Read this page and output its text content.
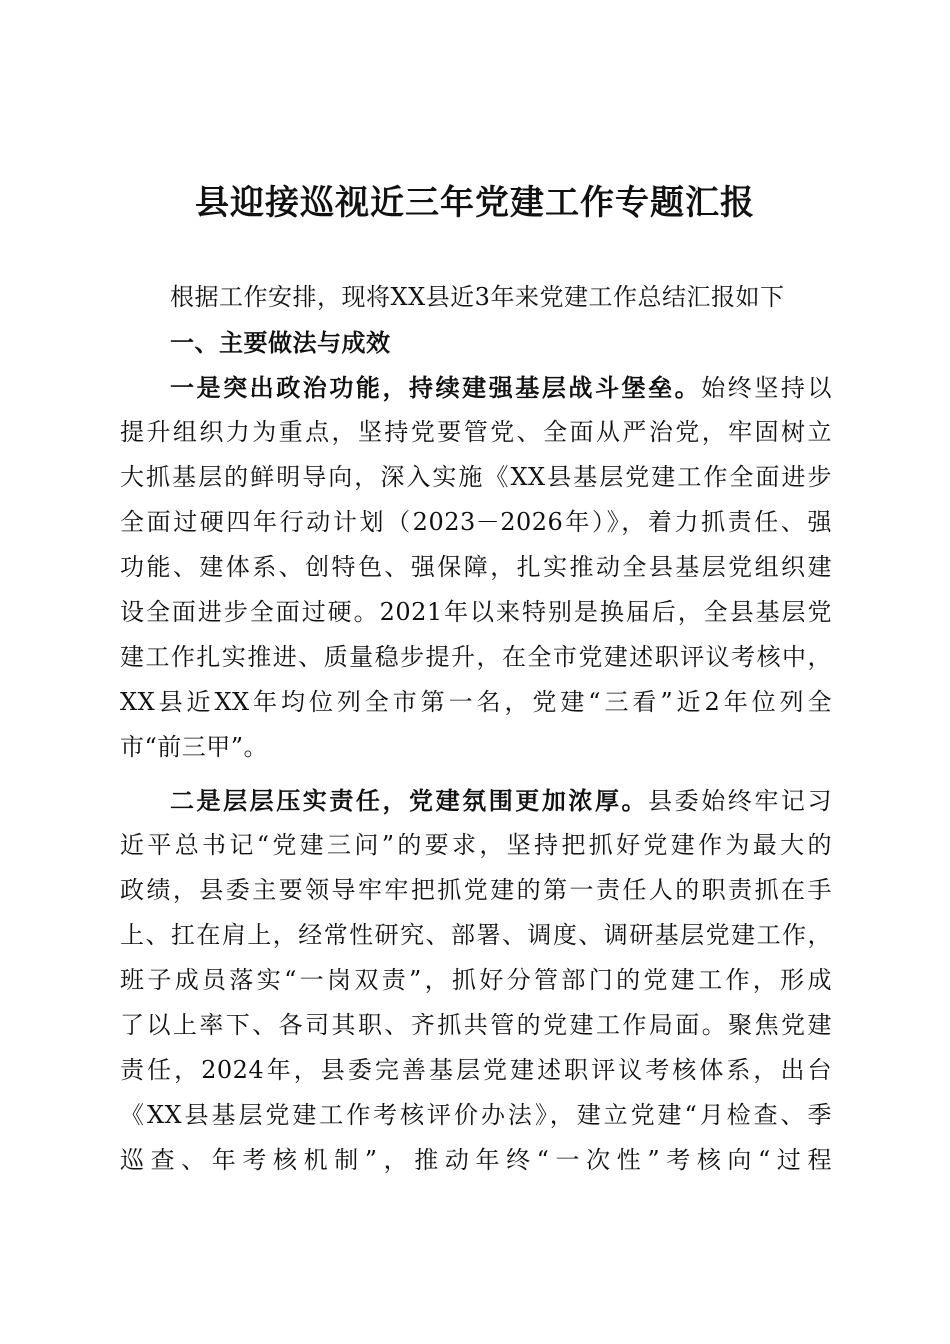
县迎接巡视近三年党建工作专题汇报
根据工作安排，现将XX县近3年来党建工作总结汇报如下
一、主要做法与成效
一是突出政治功能，持续建强基层战斗堡垒。始终坚持以
提升组织力为重点，坚持党要管党、全面从严治党，牢固树立
大抓基层的鲜明导向，深入实施《XX县基层党建工作全面进步
全面过硬四年行动计划（2023－2026年）》，着力抓责任、强
功能、建体系、创特色、强保障，扎实推动全县基层党组织建
设全面进步全面过硬。2021年以来特别是换届后，全县基层党
建工作扎实推进、质量稳步提升，在全市党建述职评议考核中，
XX县近XX年均位列全市第一名，党建“三看”近2年位列全
市“前三甲”。
二是层层压实责任，党建氛围更加浓厚。县委始终牢记习
近平总书记“党建三问”的要求，坚持把抓好党建作为最大的
政绩，县委主要领导牢牢把抓党建的第一责任人的职责抓在手
上、扛在肩上，经常性研究、部署、调度、调研基层党建工作，
班子成员落实“一岗双责”，抓好分管部门的党建工作，形成
了以上率下、各司其职、齐抓共管的党建工作局面。聚焦党建
责任，2024年，县委完善基层党建述职评议考核体系，出台
《XX县基层党建工作考核评价办法》，建立党建“月检查、季
巡查、年考核机制”，推动年终“一次性”考核向“过程
